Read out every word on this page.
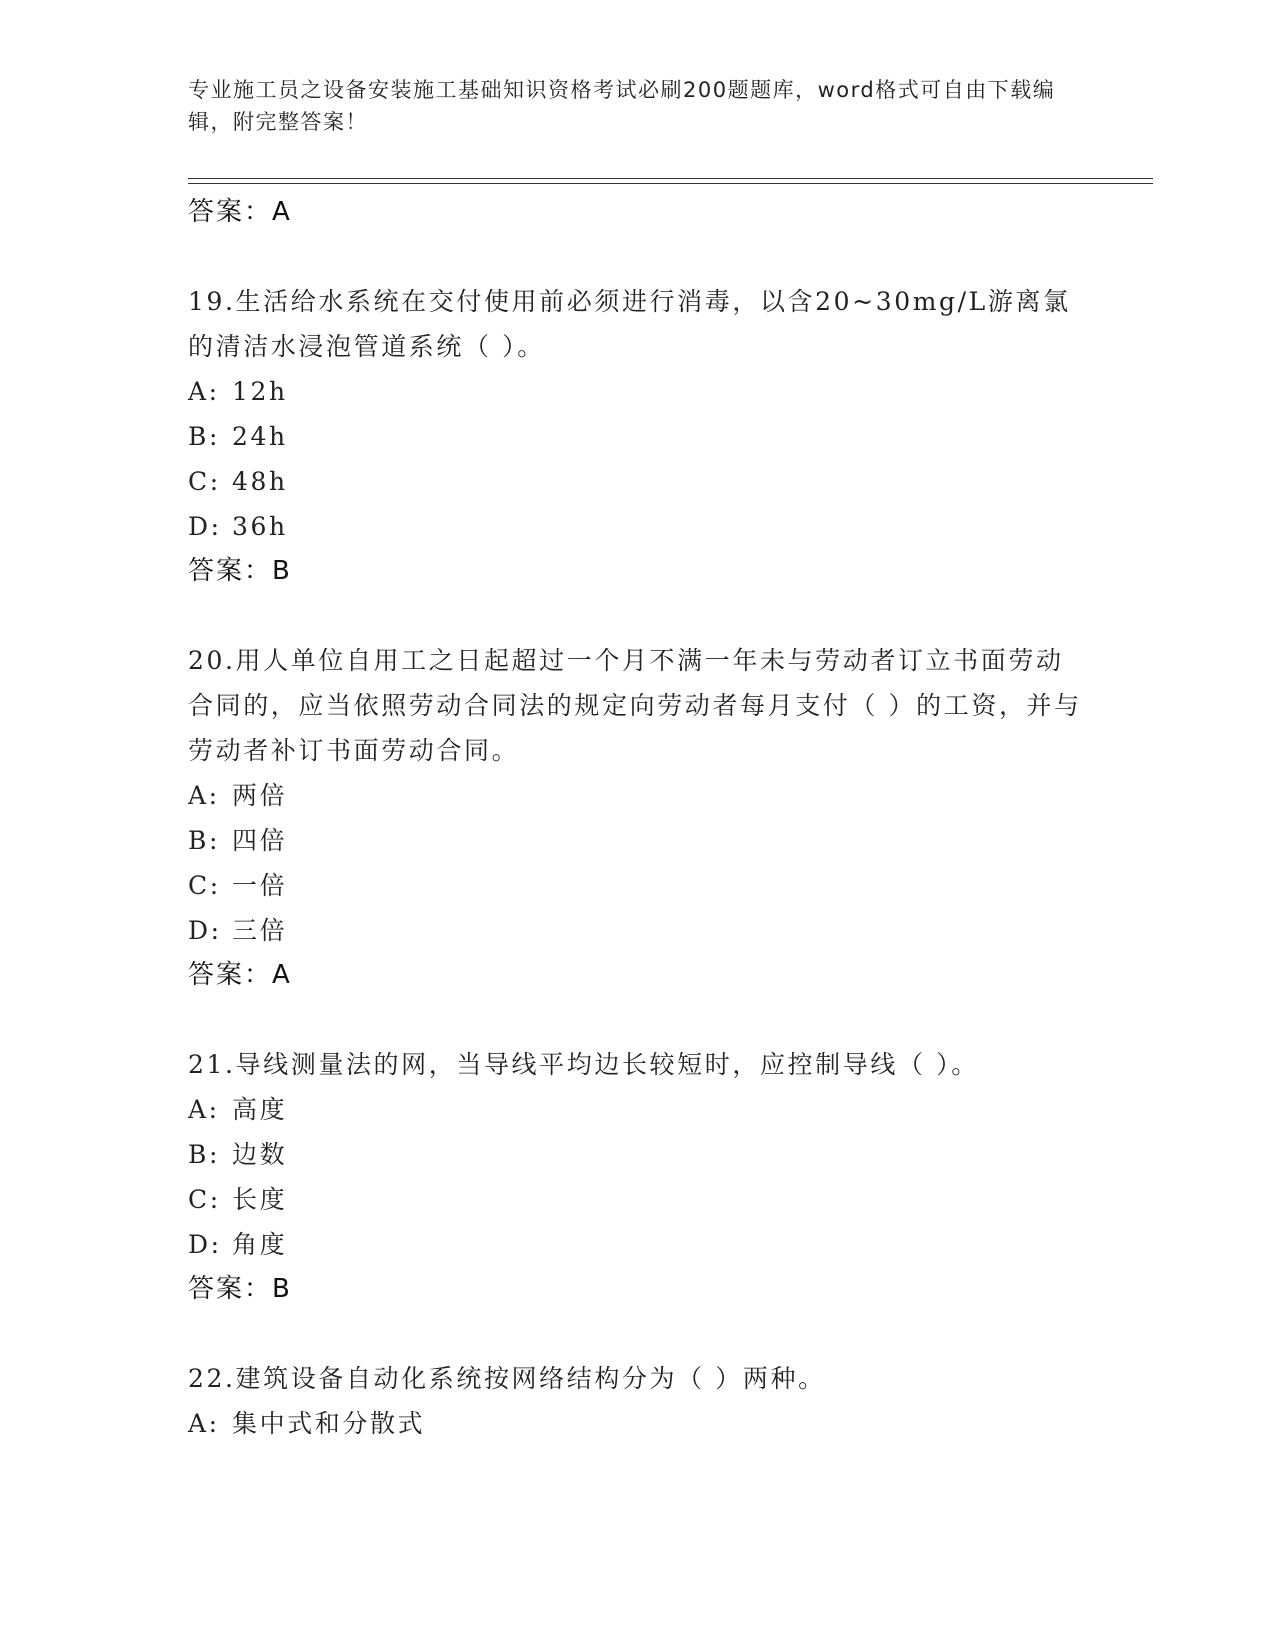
专业施工员之设备安装施工基础知识资格考试必刷200题题库，word格式可自由下载编辑，附完整答案！

答案：A

19.生活给水系统在交付使用前必须进行消毒，以含20~30mg/L游离氯的清洁水浸泡管道系统（ ）。

A: 12h

B: 24h

C: 48h

D: 36h

答案：B

20.用人单位自用工之日起超过一个月不满一年未与劳动者订立书面劳动合同的，应当依照劳动合同法的规定向劳动者每月支付（ ）的工资，并与劳动者补订书面劳动合同。

A: 两倍

B: 四倍

C: 一倍

D: 三倍

答案：A

21.导线测量法的网，当导线平均边长较短时，应控制导线（ ）。

A: 高度

B: 边数

C: 长度

D: 角度

答案：B

22.建筑设备自动化系统按网络结构分为（ ）两种。

A: 集中式和分散式
